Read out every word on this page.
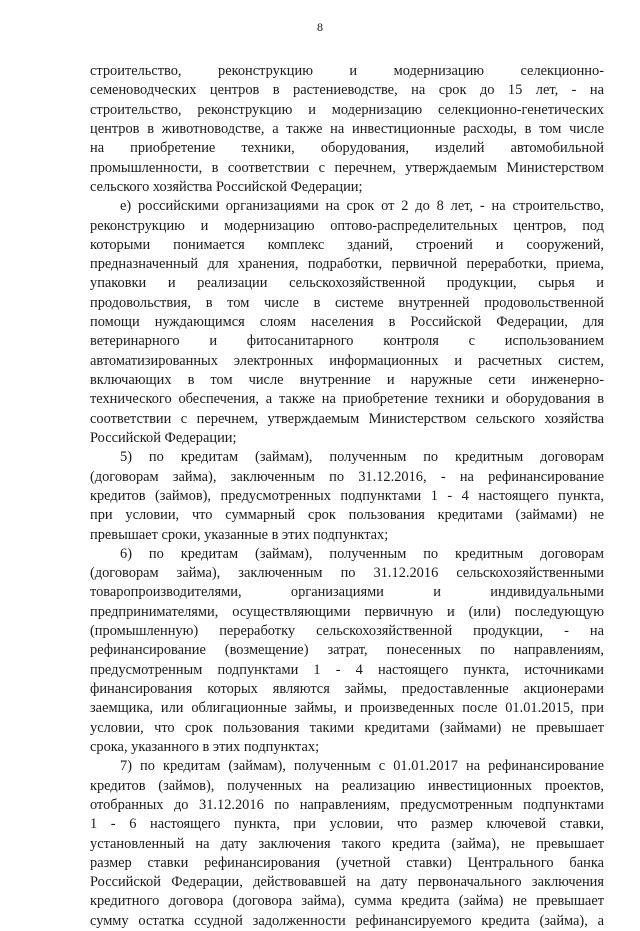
8

строительство, реконструкцию и модернизацию селекционно-
семеноводческих центров в растениеводстве, на срок до 15 лет, - на
строительство, реконструкцию и модернизацию селекционно-генетических
центров в животноводстве, а также на инвестиционные расходы, в том числе
на приобретение техники, оборудования, изделий автомобильной
промышленности, в соответствии с перечнем, утверждаемым Министерством
сельского хозяйства Российской Федерации;

е) российскими организациями на срок от 2 до 8 лет, - на строительство,
реконструкцию и модернизацию оптово-распределительных центров, под
которыми понимается комплекс зданий, строений и сооружений,
предназначенный для хранения, подработки, первичной переработки, приема,
упаковки и реализации сельскохозяйственной продукции, сырья и
продовольствия, в том числе в системе внутренней продовольственной
помощи нуждающимся слоям населения в Российской Федерации, для
ветеринарного и фитосанитарного контроля с использованием
автоматизированных электронных информационных и расчетных систем,
включающих в том числе внутренние и наружные сети инженерно-
технического обеспечения, а также на приобретение техники и оборудования в
соответствии с перечнем, утверждаемым Министерством сельского хозяйства
Российской Федерации;

5) по кредитам (займам), полученным по кредитным договорам
(договорам займа), заключенным по 31.12.2016, - на рефинансирование
кредитов (займов), предусмотренных подпунктами 1 - 4 настоящего пункта,
при условии, что суммарный срок пользования кредитами (займами) не
превышает сроки, указанные в этих подпунктах;

6) по кредитам (займам), полученным по кредитным договорам
(договорам займа), заключенным по 31.12.2016 сельскохозяйственными
товаропроизводителями, организациями и индивидуальными
предпринимателями, осуществляющими первичную и (или) последующую
(промышленную) переработку сельскохозяйственной продукции, - на
рефинансирование (возмещение) затрат, понесенных по направлениям,
предусмотренным подпунктами 1 - 4 настоящего пункта, источниками
финансирования которых являются займы, предоставленные акционерами
заемщика, или облигационные займы, и произведенных после 01.01.2015, при
условии, что срок пользования такими кредитами (займами) не превышает
срока, указанного в этих подпунктах;

7) по кредитам (займам), полученным с 01.01.2017 на рефинансирование
кредитов (займов), полученных на реализацию инвестиционных проектов,
отобранных до 31.12.2016 по направлениям, предусмотренным подпунктами
1 - 6 настоящего пункта, при условии, что размер ключевой ставки,
установленный на дату заключения такого кредита (займа), не превышает
размер ставки рефинансирования (учетной ставки) Центрального банка
Российской Федерации, действовавшей на дату первоначального заключения
кредитного договора (договора займа), сумма кредита (займа) не превышает
сумму остатка ссудной задолженности рефинансируемого кредита (займа), а
